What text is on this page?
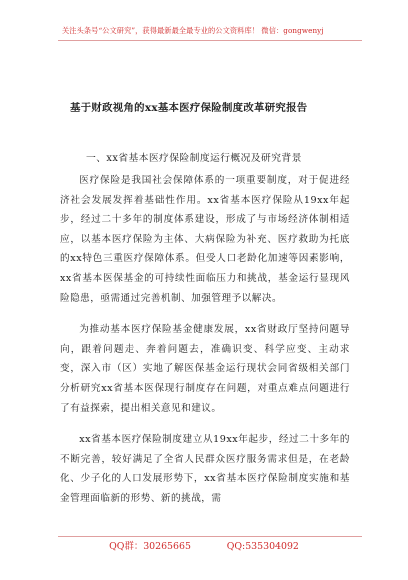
关注头条号“公文研究”，获得最新最全最专业的公文资料库！ 微信：gongwenyj
基于财政视角的xx基本医疗保险制度改革研究报告
一、xx省基本医疗保险制度运行概况及研究背景

医疗保险是我国社会保障体系的一项重要制度，对于促进经济社会发展发挥着基础性作用。xx省基本医疗保险从19xx年起步，经过二十多年的制度体系建设，形成了与市场经济体制相适应，以基本医疗保险为主体、大病保险为补充、医疗救助为托底的xx特色三重医疗保障体系。但受人口老龄化加速等因素影响，xx省基本医保基金的可持续性面临压力和挑战，基金运行显现风险隐患，亟需通过完善机制、加强管理予以解决。

为推动基本医疗保险基金健康发展，xx省财政厅坚持问题导向，跟着问题走、奔着问题去，准确识变、科学应变、主动求变，深入市（区）实地了解医保基金运行现状会同省级相关部门分析研究xx省基本医保现行制度存在问题，对重点难点问题进行了有益探索，提出相关意见和建议。

xx省基本医疗保险制度建立从19xx年起步，经过二十多年的不断完善，较好满足了全省人民群众医疗服务需求但是，在老龄化、少子化的人口发展形势下，xx省基本医疗保险制度实施和基金管理面临新的形势、新的挑战，需

QQ群：30265665	QQ:535304092
